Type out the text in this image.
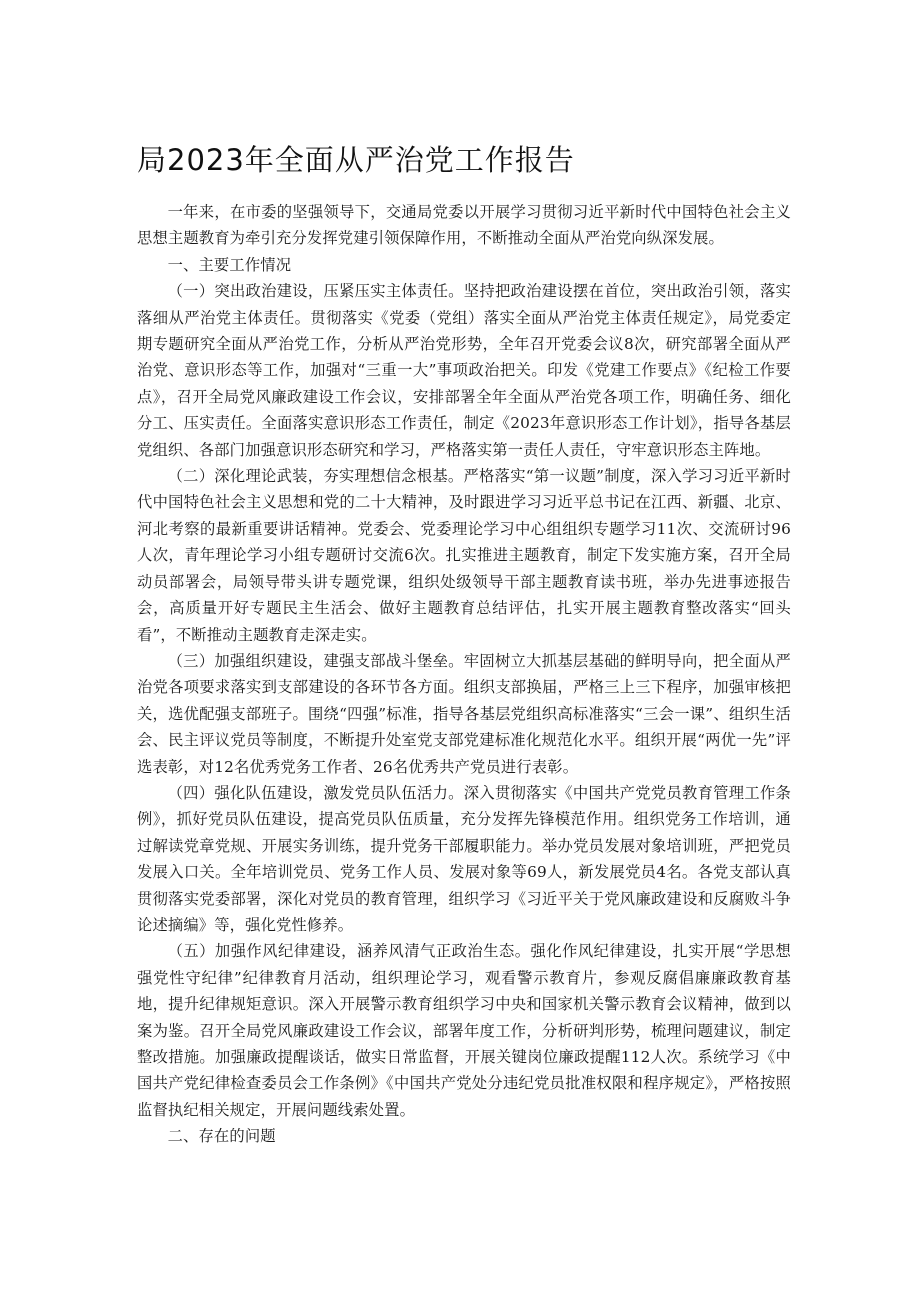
局2023年全面从严治党工作报告

一年来，在市委的坚强领导下，交通局党委以开展学习贯彻习近平新时代中国特色社会主义思想主题教育为牵引充分发挥党建引领保障作用，不断推动全面从严治党向纵深发展。

一、主要工作情况

（一）突出政治建设，压紧压实主体责任。坚持把政治建设摆在首位，突出政治引领，落实落细从严治党主体责任。贯彻落实《党委（党组）落实全面从严治党主体责任规定》，局党委定期专题研究全面从严治党工作，分析从严治党形势，全年召开党委会议8次，研究部署全面从严治党、意识形态等工作，加强对“三重一大”事项政治把关。印发《党建工作要点》《纪检工作要点》，召开全局党风廉政建设工作会议，安排部署全年全面从严治党各项工作，明确任务、细化分工、压实责任。全面落实意识形态工作责任，制定《2023年意识形态工作计划》，指导各基层党组织、各部门加强意识形态研究和学习，严格落实第一责任人责任，守牢意识形态主阵地。

（二）深化理论武装，夯实理想信念根基。严格落实“第一议题”制度，深入学习习近平新时代中国特色社会主义思想和党的二十大精神，及时跟进学习习近平总书记在江西、新疆、北京、河北考察的最新重要讲话精神。党委会、党委理论学习中心组组织专题学习11次、交流研讨96人次，青年理论学习小组专题研讨交流6次。扎实推进主题教育，制定下发实施方案，召开全局动员部署会，局领导带头讲专题党课，组织处级领导干部主题教育读书班，举办先进事迹报告会，高质量开好专题民主生活会、做好主题教育总结评估，扎实开展主题教育整改落实“回头看”，不断推动主题教育走深走实。

（三）加强组织建设，建强支部战斗堡垒。牢固树立大抓基层基础的鲜明导向，把全面从严治党各项要求落实到支部建设的各环节各方面。组织支部换届，严格三上三下程序，加强审核把关，选优配强支部班子。围绕“四强”标准，指导各基层党组织高标准落实“三会一课”、组织生活会、民主评议党员等制度，不断提升处室党支部党建标准化规范化水平。组织开展“两优一先”评选表彰，对12名优秀党务工作者、26名优秀共产党员进行表彰。

（四）强化队伍建设，激发党员队伍活力。深入贯彻落实《中国共产党党员教育管理工作条例》，抓好党员队伍建设，提高党员队伍质量，充分发挥先锋模范作用。组织党务工作培训，通过解读党章党规、开展实务训练，提升党务干部履职能力。举办党员发展对象培训班，严把党员发展入口关。全年培训党员、党务工作人员、发展对象等69人，新发展党员4名。各党支部认真贯彻落实党委部署，深化对党员的教育管理，组织学习《习近平关于党风廉政建设和反腐败斗争论述摘编》等，强化党性修养。

（五）加强作风纪律建设，涵养风清气正政治生态。强化作风纪律建设，扎实开展“学思想强党性守纪律”纪律教育月活动，组织理论学习，观看警示教育片，参观反腐倡廉廉政教育基地，提升纪律规矩意识。深入开展警示教育组织学习中央和国家机关警示教育会议精神，做到以案为鉴。召开全局党风廉政建设工作会议，部署年度工作，分析研判形势，梳理问题建议，制定整改措施。加强廉政提醒谈话，做实日常监督，开展关键岗位廉政提醒112人次。系统学习《中国共产党纪律检查委员会工作条例》《中国共产党处分违纪党员批准权限和程序规定》，严格按照监督执纪相关规定，开展问题线索处置。

二、存在的问题
